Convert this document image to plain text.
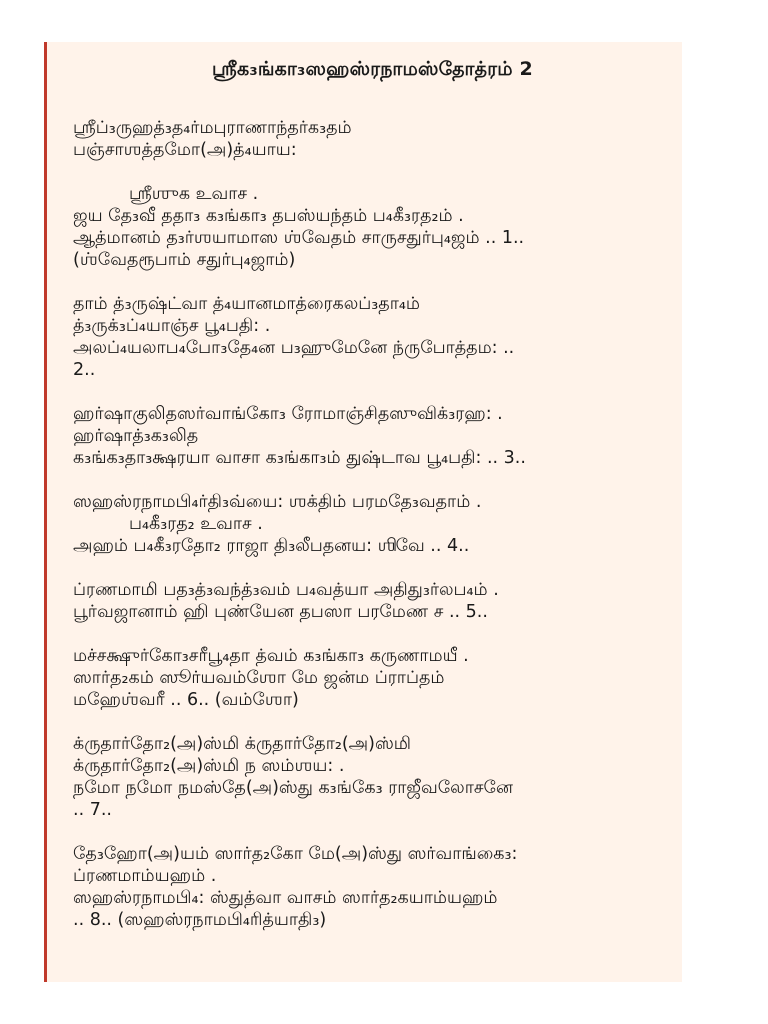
ஸ்ரீக₃ங்கா₃ஸஹஸ்ரநாமஸ்தோத்ரம் 2
ஸ்ரீப்₃ருஹத்₃த₄ர்மபுராணாந்தர்க₃தம்
பஞ்சாஶத்தமோ(அ)த்₄யாய:
ஸ்ரீஶுக உவாச .
ஜய தே₃வீ ததா₃ க₃ங்கா₃ தபஸ்யந்தம் ப₄கீ₃ரத₂ம் .
ஆத்மானம் த₃ர்ஶயாமாஸ ஶ்வேதம் சாருசதுர்பு₄ஜம் .. 1..
(ஶ்வேதரூபாம் சதுர்பு₄ஜாம்)
தாம் த்₃ருஷ்ட்வா த்₄யானமாத்ரைகலப்₃தா₄ம்
த்₃ருக்₃ப்₄யாஞ்ச பூ₄பதி: .
அலப்₄யலாப₄போ₃தே₄ன ப₃ஹுமேனே ந்ருபோத்தம: ..
2..
ஹர்ஷாகுலிதஸர்வாங்கோ₃ ரோமாஞ்சிதஸுவிக்₃ரஹ: .
ஹர்ஷாத்₃க₃லித
க₃ங்க₃தா₃க்ஷரயா வாசா க₃ங்கா₃ம் துஷ்டாவ பூ₄பதி: .. 3..
ஸஹஸ்ரநாமபி₄ர்தி₃வ்யை: ஶக்திம் பரமதே₃வதாம் .
ப₄கீ₃ரத₂ உவாச .
அஹம் ப₄கீ₃ரதோ₂ ராஜா தி₃லீபதனய: ஶிவே .. 4..
ப்ரணமாமி பத₃த்₃வந்த்₃வம் ப₄வத்யா அதிது₃ர்லப₄ம் .
பூர்வஜானாம் ஹி புண்யேன தபஸா பரமேண ச .. 5..
மச்சக்ஷுர்கோ₃சரீபூ₄தா த்வம் க₃ங்கா₃ கருணாமயீ .
ஸார்த₂கம் ஸூர்யவம்ஶோ மே ஜன்ம ப்ராப்தம்
மஹேஶ்வரீ .. 6.. (வம்ஶோ)
க்ருதார்தோ₂(அ)ஸ்மி க்ருதார்தோ₂(அ)ஸ்மி
க்ருதார்தோ₂(அ)ஸ்மி ந ஸம்ஶய: .
நமோ நமோ நமஸ்தே(அ)ஸ்து க₃ங்கே₃ ராஜீவலோசனே
.. 7..
தே₃ஹோ(அ)யம் ஸார்த₂கோ மே(அ)ஸ்து ஸர்வாங்கை₃:
ப்ரணமாம்யஹம் .
ஸஹஸ்ரநாமபி₄: ஸ்துத்வா வாசம் ஸார்த₂கயாம்யஹம்
.. 8.. (ஸஹஸ்ரநாமபி₄ரித்யாதி₃)
